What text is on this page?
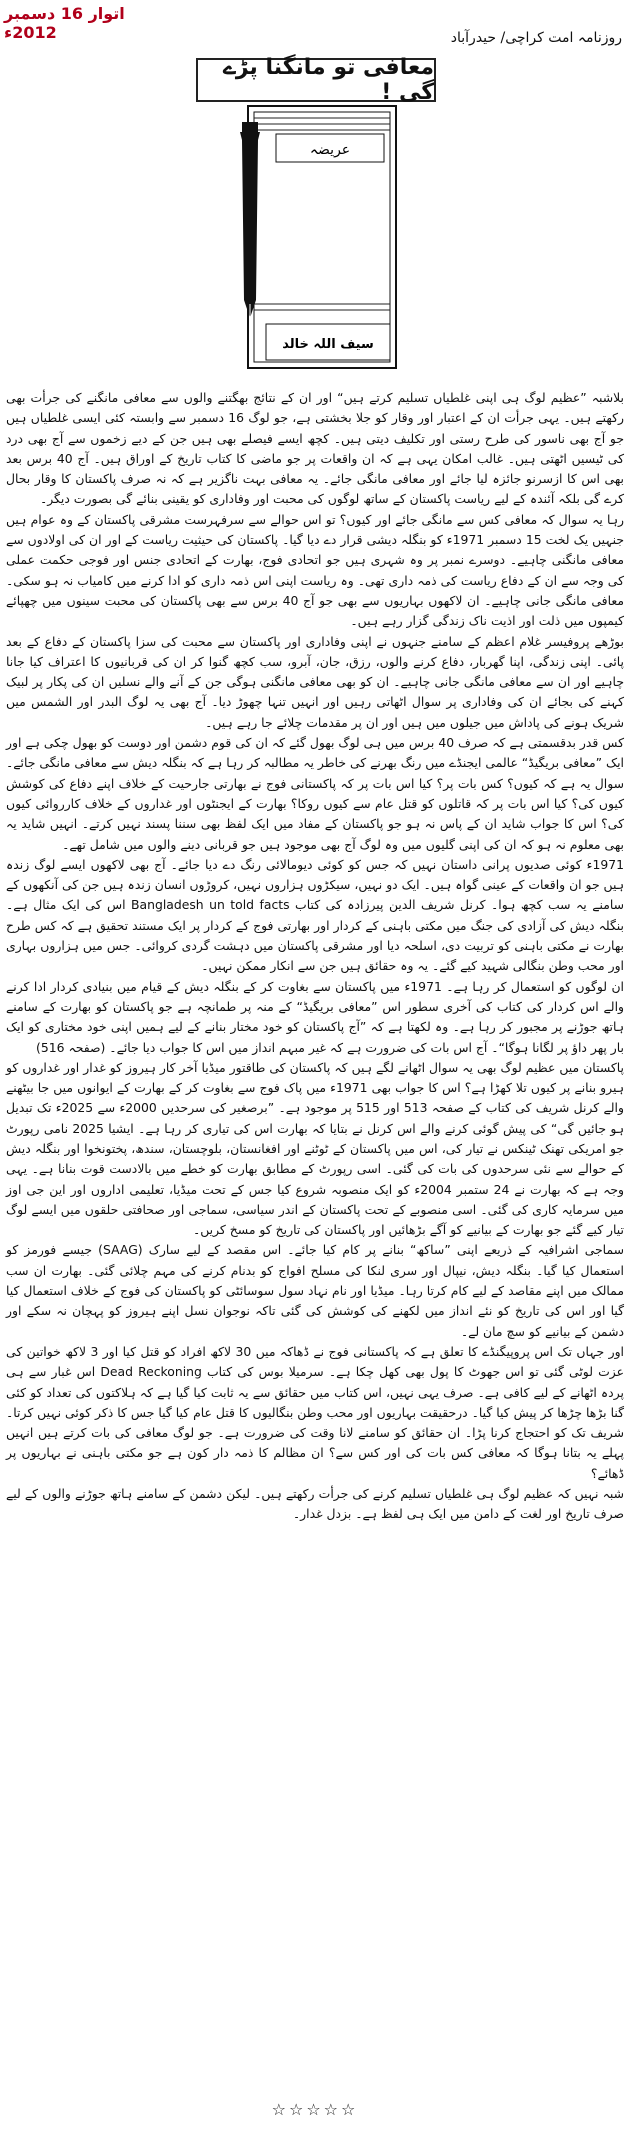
اتوار 16 دسمبر 2012ء	روزنامہ امت کراچی/ حیدرآباد
معافی تو مانگنا پڑے گی !
عریضہ
سیف اللہ خالد

بلاشبہ ”عظیم لوگ ہی اپنی غلطیاں تسلیم کرتے ہیں“ اور ان کے نتائج بھگتنے والوں سے معافی مانگنے کی جرأت بھی رکھتے ہیں۔ یہی جرأت ان کے اعتبار اور وقار کو جلا بخشتی ہے، جو لوگ 16 دسمبر سے وابستہ کئی ایسی غلطیاں ہیں جو آج بھی ناسور کی طرح رستی اور تکلیف دیتی ہیں۔ کچھ ایسے فیصلے بھی ہیں جن کے دیے زخموں سے آج بھی درد کی ٹیسیں اٹھتی ہیں۔ غالب امکان یہی ہے کہ ان واقعات پر جو ماضی کا کتاب تاریخ کے اوراق ہیں۔ آج 40 برس بعد بھی اس کا ازسرنو جائزہ لیا جائے اور معافی مانگی جائے۔ یہ معافی بہت ناگزیر ہے کہ نہ صرف پاکستان کا وقار بحال کرے گی بلکہ آئندہ کے لیے ریاست پاکستان کے ساتھ لوگوں کی محبت اور وفاداری کو یقینی بنائے گی بصورت دیگر۔

رہا یہ سوال کہ معافی کس سے مانگی جائے اور کیوں؟ تو اس حوالے سے سرفہرست مشرقی پاکستان کے وہ عوام ہیں جنہیں یک لخت 15 دسمبر 1971ء کو بنگلہ دیشی قرار دے دیا گیا۔ پاکستان کی حیثیت ریاست کے اور ان کی اولادوں سے معافی مانگنی چاہیے۔ دوسرے نمبر پر وہ شہری ہیں جو اتحادی فوج، بھارت کے اتحادی جنس اور فوجی حکمت عملی کی وجہ سے ان کے دفاع ریاست کی ذمہ داری تھی۔ وہ ریاست اپنی اس ذمہ داری کو ادا کرنے میں کامیاب نہ ہو سکی۔ معافی مانگی جانی چاہیے۔ ان لاکھوں بہاریوں سے بھی جو آج 40 برس سے بھی پاکستان کی محبت سینوں میں چھپائے کیمپوں میں ذلت اور اذیت ناک زندگی گزار رہے ہیں۔

بوڑھے پروفیسر غلام اعظم کے سامنے جنہوں نے اپنی وفاداری اور پاکستان سے محبت کی سزا پاکستان کے دفاع کے بعد پائی۔ اپنی زندگی، اپنا گھربار، دفاع کرنے والوں، رزق، جان، آبرو، سب کچھ گنوا کر ان کی قربانیوں کا اعتراف کیا جانا چاہیے اور ان سے معافی مانگی جانی چاہیے۔ ان کو بھی معافی مانگنی ہوگی جن کے آنے والے نسلیں ان کی پکار پر لبیک کہنے کی بجائے ان کی وفاداری پر سوال اٹھاتی رہیں اور انہیں تنہا چھوڑ دیا۔ آج بھی یہ لوگ البدر اور الشمس میں شریک ہونے کی پاداش میں جیلوں میں ہیں اور ان پر مقدمات چلائے جا رہے ہیں۔

کس قدر بدقسمتی ہے کہ صرف 40 برس میں ہی لوگ بھول گئے کہ ان کی قوم دشمن اور دوست کو بھول چکی ہے اور ایک ”معافی بریگیڈ“ عالمی ایجنڈے میں رنگ بھرنے کی خاطر یہ مطالبہ کر رہا ہے کہ بنگلہ دیش سے معافی مانگی جائے۔ سوال یہ ہے کہ کیوں؟ کس بات پر؟ کیا اس بات پر کہ پاکستانی فوج نے بھارتی جارحیت کے خلاف اپنے دفاع کی کوشش کیوں کی؟ کیا اس بات پر کہ قاتلوں کو قتل عام سے کیوں روکا؟ بھارت کے ایجنٹوں اور غداروں کے خلاف کارروائی کیوں کی؟ اس کا جواب شاید ان کے پاس نہ ہو جو پاکستان کے مفاد میں ایک لفظ بھی سننا پسند نہیں کرتے۔ انہیں شاید یہ بھی معلوم نہ ہو کہ ان کی اپنی گلیوں میں وہ لوگ آج بھی موجود ہیں جو قربانی دینے والوں میں شامل تھے۔

1971ء کوئی صدیوں پرانی داستان نہیں کہ جس کو کوئی دیومالائی رنگ دے دیا جائے۔ آج بھی لاکھوں ایسے لوگ زندہ ہیں جو ان واقعات کے عینی گواہ ہیں۔ ایک دو نہیں، سیکڑوں ہزاروں نہیں، کروڑوں انسان زندہ ہیں جن کی آنکھوں کے سامنے یہ سب کچھ ہوا۔ کرنل شریف الدین پیرزادہ کی کتاب Bangladesh un told facts اس کی ایک مثال ہے۔ بنگلہ دیش کی آزادی کی جنگ میں مکتی باہنی کے کردار اور بھارتی فوج کے کردار پر ایک مستند تحقیق ہے کہ کس طرح بھارت نے مکتی باہنی کو تربیت دی، اسلحہ دیا اور مشرقی پاکستان میں دہشت گردی کروائی۔ جس میں ہزاروں بہاری اور محب وطن بنگالی شہید کیے گئے۔ یہ وہ حقائق ہیں جن سے انکار ممکن نہیں۔

ان لوگوں کو استعمال کر رہا ہے۔ 1971ء میں پاکستان سے بغاوت کر کے بنگلہ دیش کے قیام میں بنیادی کردار ادا کرنے والے اس کردار کی کتاب کی آخری سطور اس ”معافی بریگیڈ“ کے منہ پر طمانچہ ہے جو پاکستان کو بھارت کے سامنے ہاتھ جوڑنے پر مجبور کر رہا ہے۔ وہ لکھتا ہے کہ ”آج پاکستان کو خود مختار بنانے کے لیے ہمیں اپنی خود مختاری کو ایک بار پھر داؤ پر لگانا ہوگا“۔ آج اس بات کی ضرورت ہے کہ غیر مبہم انداز میں اس کا جواب دیا جائے۔ (صفحہ 516)

پاکستان میں عظیم لوگ بھی یہ سوال اٹھانے لگے ہیں کہ پاکستان کی طاقتور میڈیا آخر کار ہیروز کو غدار اور غداروں کو ہیرو بنانے پر کیوں تلا کھڑا ہے؟ اس کا جواب بھی 1971ء میں پاک فوج سے بغاوت کر کے بھارت کے ایوانوں میں جا بیٹھنے والے کرنل شریف کی کتاب کے صفحہ 513 اور 515 پر موجود ہے۔ ”برصغیر کی سرحدیں 2000ء سے 2025ء تک تبدیل ہو جائیں گی“ کی پیش گوئی کرنے والے اس کرنل نے بتایا کہ بھارت اس کی تیاری کر رہا ہے۔ ایشیا 2025 نامی رپورٹ جو امریکی تھنک ٹینکس نے تیار کی، اس میں پاکستان کے ٹوٹنے اور افغانستان، بلوچستان، سندھ، پختونخوا اور بنگلہ دیش کے حوالے سے نئی سرحدوں کی بات کی گئی۔ اسی رپورٹ کے مطابق بھارت کو خطے میں بالادست قوت بنانا ہے۔ یہی وجہ ہے کہ بھارت نے 24 ستمبر 2004ء کو ایک منصوبہ شروع کیا جس کے تحت میڈیا، تعلیمی اداروں اور این جی اوز میں سرمایہ کاری کی گئی۔ اسی منصوبے کے تحت پاکستان کے اندر سیاسی، سماجی اور صحافتی حلقوں میں ایسے لوگ تیار کیے گئے جو بھارت کے بیانیے کو آگے بڑھائیں اور پاکستان کی تاریخ کو مسخ کریں۔

سماجی اشرافیہ کے ذریعے اپنی ”ساکھ“ بنانے پر کام کیا جائے۔ اس مقصد کے لیے سارک (SAAG) جیسے فورمز کو استعمال کیا گیا۔ بنگلہ دیش، نیپال اور سری لنکا کی مسلح افواج کو بدنام کرنے کی مہم چلائی گئی۔ بھارت ان سب ممالک میں اپنے مقاصد کے لیے کام کرتا رہا۔ میڈیا اور نام نہاد سول سوسائٹی کو پاکستان کی فوج کے خلاف استعمال کیا گیا اور اس کی تاریخ کو نئے انداز میں لکھنے کی کوشش کی گئی تاکہ نوجوان نسل اپنے ہیروز کو پہچان نہ سکے اور دشمن کے بیانیے کو سچ مان لے۔

اور جہاں تک اس پروپیگنڈے کا تعلق ہے کہ پاکستانی فوج نے ڈھاکہ میں 30 لاکھ افراد کو قتل کیا اور 3 لاکھ خواتین کی عزت لوٹی گئی تو اس جھوٹ کا پول بھی کھل چکا ہے۔ سرمیلا بوس کی کتاب Dead Reckoning اس غبار سے ہی پردہ اٹھانے کے لیے کافی ہے۔ صرف یہی نہیں، اس کتاب میں حقائق سے یہ ثابت کیا گیا ہے کہ ہلاکتوں کی تعداد کو کئی گنا بڑھا چڑھا کر پیش کیا گیا۔ درحقیقت بہاریوں اور محب وطن بنگالیوں کا قتل عام کیا گیا جس کا ذکر کوئی نہیں کرتا۔ شریف تک کو احتجاج کرنا پڑا۔ ان حقائق کو سامنے لانا وقت کی ضرورت ہے۔ جو لوگ معافی کی بات کرتے ہیں انہیں پہلے یہ بتانا ہوگا کہ معافی کس بات کی اور کس سے؟ ان مظالم کا ذمہ دار کون ہے جو مکتی باہنی نے بہاریوں پر ڈھائے؟

شبہ نہیں کہ عظیم لوگ ہی غلطیاں تسلیم کرنے کی جرأت رکھتے ہیں۔ لیکن دشمن کے سامنے ہاتھ جوڑنے والوں کے لیے صرف تاریخ اور لغت کے دامن میں ایک ہی لفظ ہے۔ بزدل غدار۔

☆☆☆☆☆
